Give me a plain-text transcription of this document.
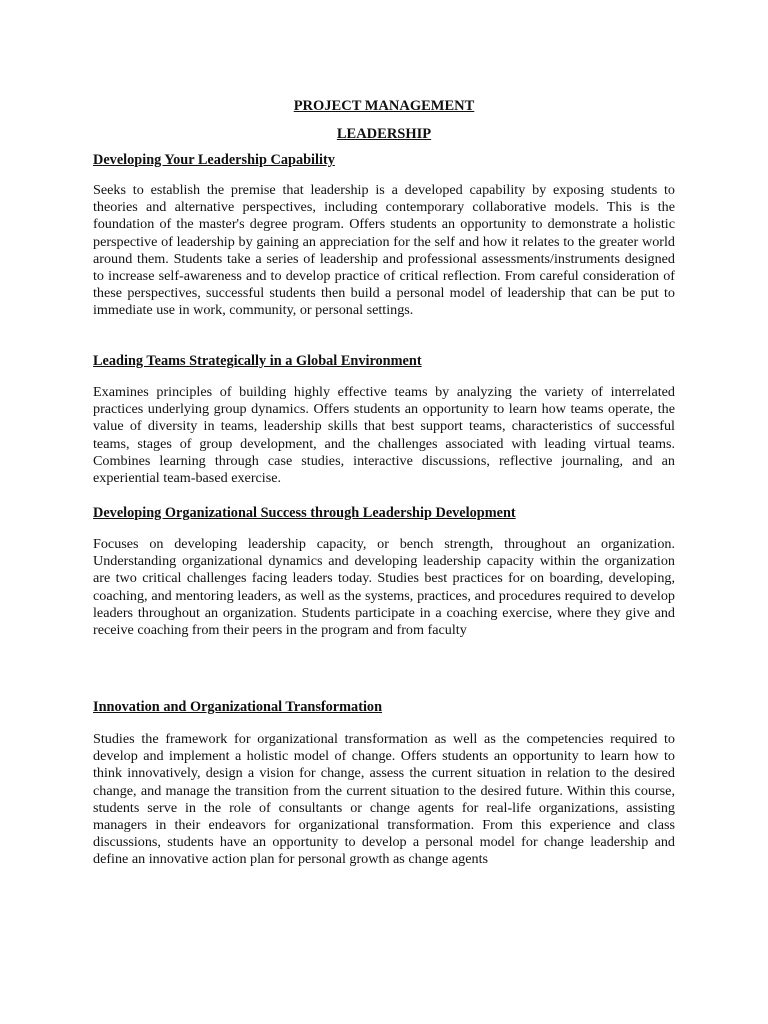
PROJECT MANAGEMENT
LEADERSHIP
Developing Your Leadership Capability

Seeks to establish the premise that leadership is a developed capability by exposing students to theories and alternative perspectives, including contemporary collaborative models. This is the foundation of the master's degree program. Offers students an opportunity to demonstrate a holistic perspective of leadership by gaining an appreciation for the self and how it relates to the greater world around them. Students take a series of leadership and professional assessments/instruments designed to increase self-awareness and to develop practice of critical reflection. From careful consideration of these perspectives, successful students then build a personal model of leadership that can be put to immediate use in work, community, or personal settings.

Leading Teams Strategically in a Global Environment

Examines principles of building highly effective teams by analyzing the variety of interrelated practices underlying group dynamics. Offers students an opportunity to learn how teams operate, the value of diversity in teams, leadership skills that best support teams, characteristics of successful teams, stages of group development, and the challenges associated with leading virtual teams. Combines learning through case studies, interactive discussions, reflective journaling, and an experiential team-based exercise.

Developing Organizational Success through Leadership Development

Focuses on developing leadership capacity, or bench strength, throughout an organization. Understanding organizational dynamics and developing leadership capacity within the organization are two critical challenges facing leaders today. Studies best practices for on boarding, developing, coaching, and mentoring leaders, as well as the systems, practices, and procedures required to develop leaders throughout an organization. Students participate in a coaching exercise, where they give and receive coaching from their peers in the program and from faculty

Innovation and Organizational Transformation

Studies the framework for organizational transformation as well as the competencies required to develop and implement a holistic model of change. Offers students an opportunity to learn how to think innovatively, design a vision for change, assess the current situation in relation to the desired change, and manage the transition from the current situation to the desired future. Within this course, students serve in the role of consultants or change agents for real-life organizations, assisting managers in their endeavors for organizational transformation. From this experience and class discussions, students have an opportunity to develop a personal model for change leadership and define an innovative action plan for personal growth as change agents
